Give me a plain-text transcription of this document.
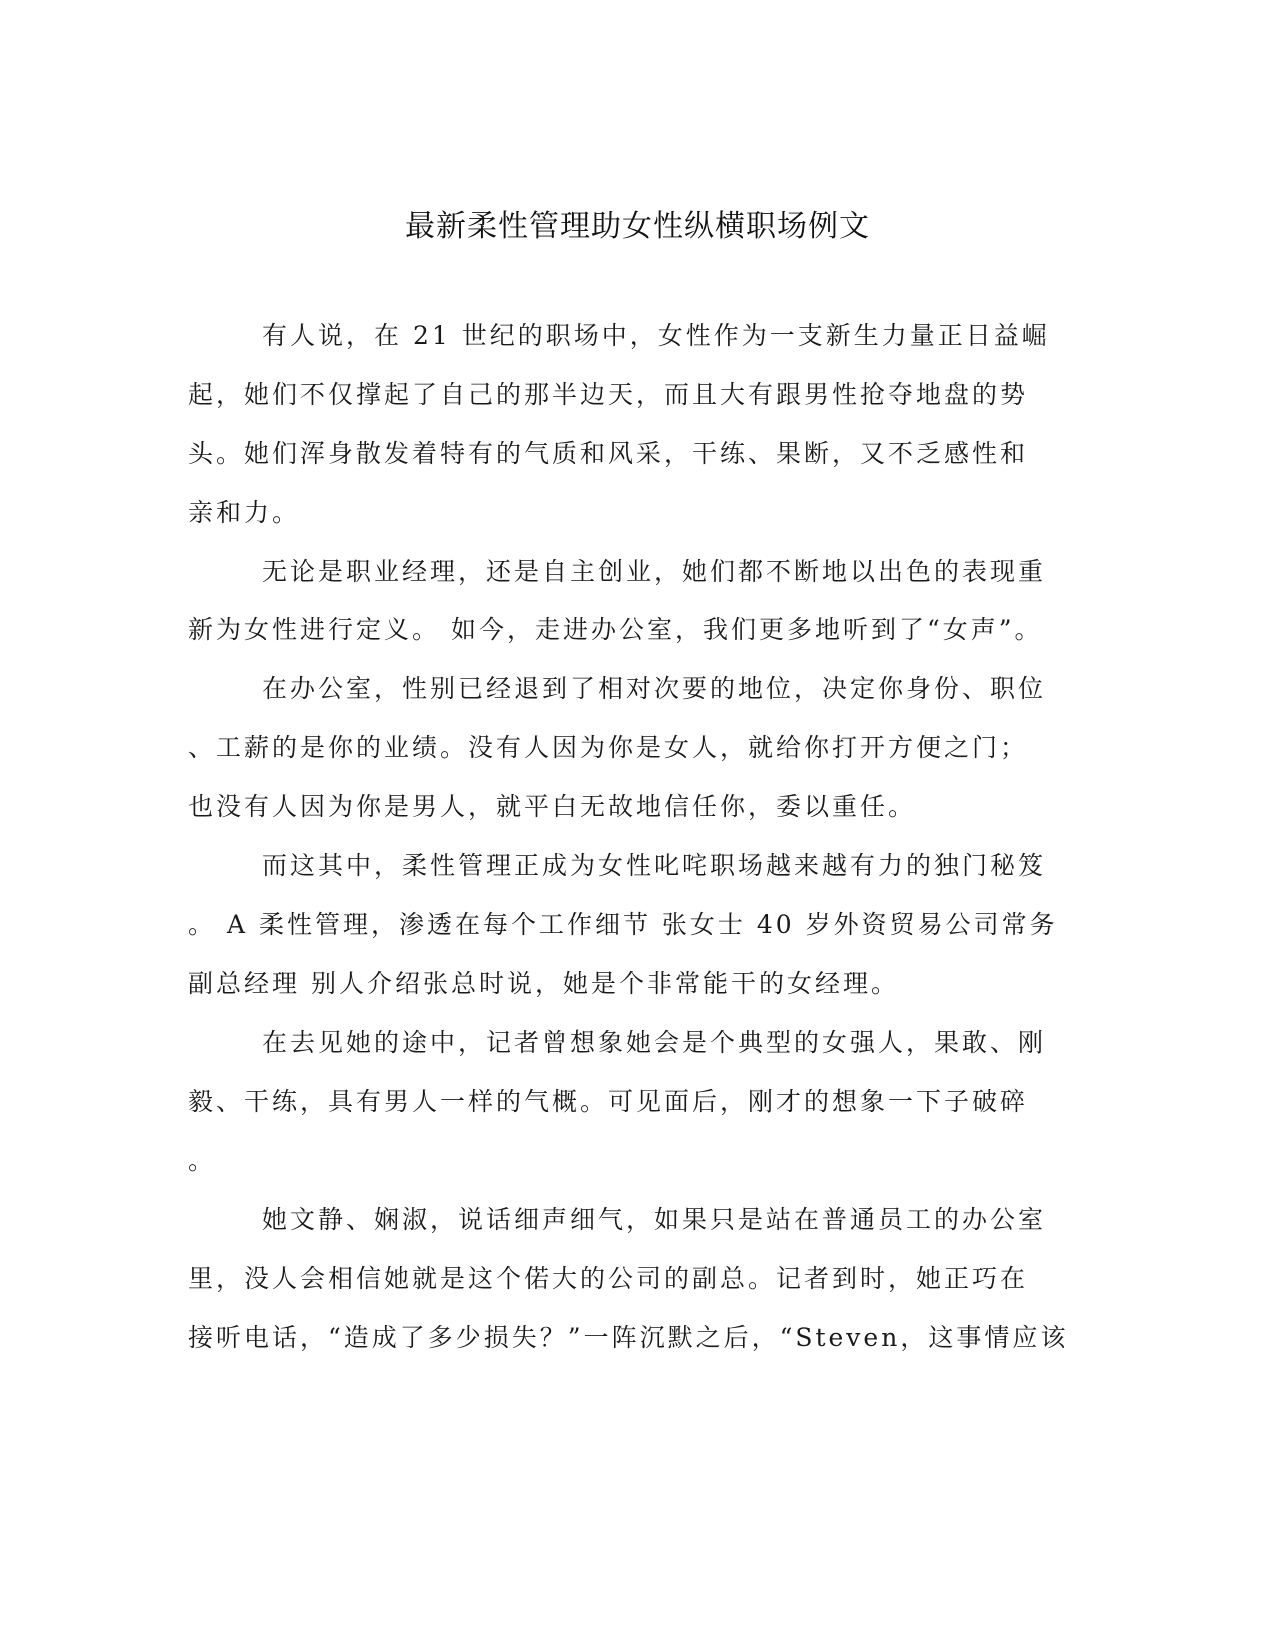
最新柔性管理助女性纵横职场例文
有人说，在 21 世纪的职场中，女性作为一支新生力量正日益崛
起，她们不仅撑起了自己的那半边天，而且大有跟男性抢夺地盘的势
头。她们浑身散发着特有的气质和风采，干练、果断，又不乏感性和
亲和力。
无论是职业经理，还是自主创业，她们都不断地以出色的表现重
新为女性进行定义。 如今，走进办公室，我们更多地听到了“女声”。
在办公室，性别已经退到了相对次要的地位，决定你身份、职位
、工薪的是你的业绩。没有人因为你是女人，就给你打开方便之门；
也没有人因为你是男人，就平白无故地信任你，委以重任。
而这其中，柔性管理正成为女性叱咤职场越来越有力的独门秘笈
。 A 柔性管理，渗透在每个工作细节 张女士 40 岁外资贸易公司常务
副总经理 别人介绍张总时说，她是个非常能干的女经理。
在去见她的途中，记者曾想象她会是个典型的女强人，果敢、刚
毅、干练，具有男人一样的气概。可见面后，刚才的想象一下子破碎
。
她文静、娴淑，说话细声细气，如果只是站在普通员工的办公室
里，没人会相信她就是这个偌大的公司的副总。记者到时，她正巧在
接听电话，“造成了多少损失？”一阵沉默之后，“Steven，这事情应该
